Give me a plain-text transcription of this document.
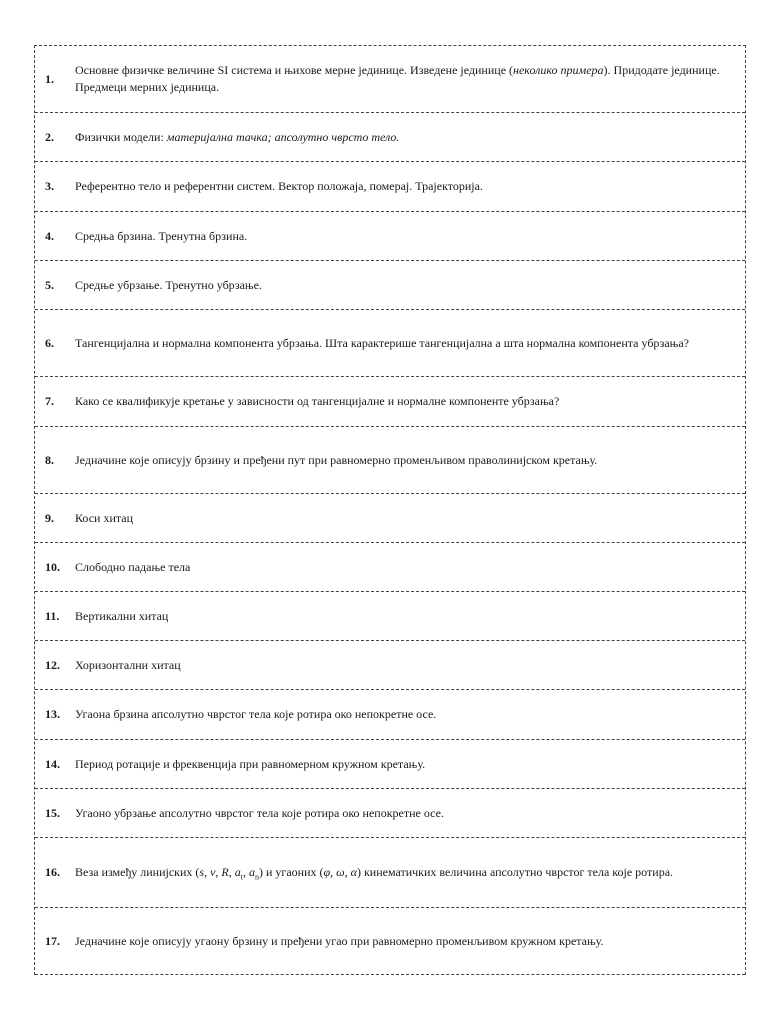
1.
Основне физичке величине SI система и њихове мерне јединице. Изведене јединице (неколико примера). Придодате јединице. Предмеци мерних јединица.
2.	Физички модели: материјална тачка; апсолутно чврсто тело.
3.	Референтно тело и референтни систем. Вектор положаја, померај. Трајекторија.
4.	Средња брзина. Тренутна брзина.
5.	Средње убрзање. Тренутно убрзање.
6.	Тангенцијална и нормална компонента убрзања. Шта карактерише тангенцијална а шта нормална компонента убрзања?
7.	Како се квалификује кретање у зависности од тангенцијалне и нормалне компоненте убрзања?
8.	Једначине које описују брзину и пређени пут при равномерно променљивом праволинијском кретању.
9.	Коси хитац
10.	Слободно падање тела
11.	Вертикални хитац
12.	Хоризонтални хитац
13.	Угаона брзина апсолутно чврстог тела које ротира око непокретне осе.
14.	Период ротације и фреквенција при равномерном кружном кретању.
15.	Угаоно убрзање апсолутно чврстог тела које ротира око непокретне осе.
16.	Веза између линијских (s, v, R, $a_t$, $a_n$) и угаоних (φ, ω, α) кинематичких величина апсолутно чврстог тела које ротира.
17.	Једначине које описују угаону брзину и пређени угао при равномерно променљивом кружном кретању.
